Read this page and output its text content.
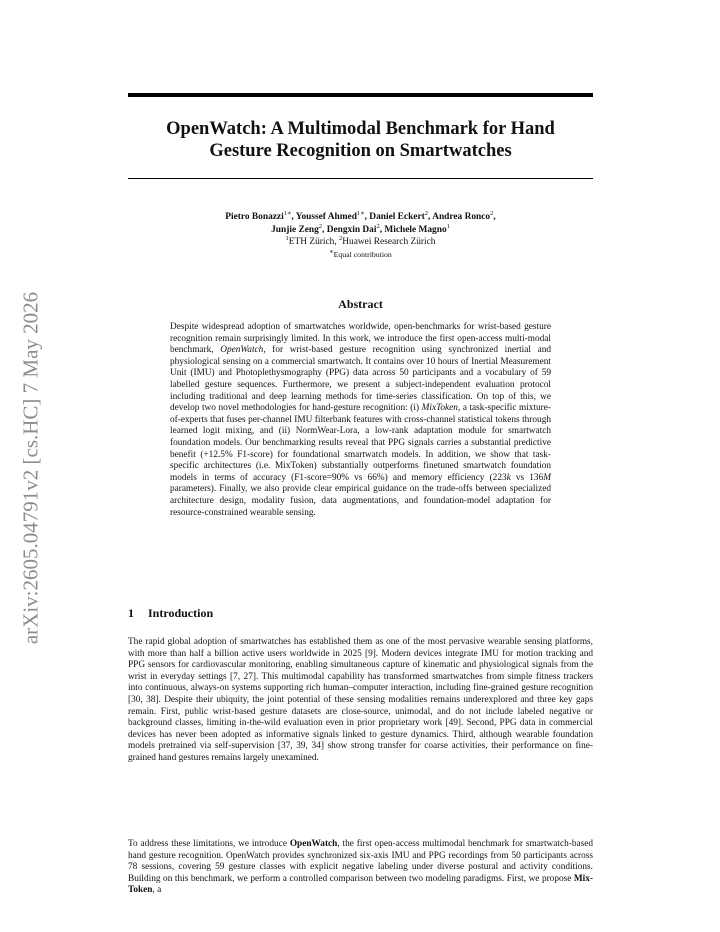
arXiv:2605.04791v2 [cs.HC] 7 May 2026
OpenWatch: A Multimodal Benchmark for Hand
Gesture Recognition on Smartwatches
Pietro Bonazzi$^{1∗}$, Youssef Ahmed$^{1∗}$, Daniel Eckert$^2$, Andrea Ronco$^2$,
Junjie Zeng$^2$, Dengxin Dai$^2$, Michele Magno$^1$
$^1$ETH Zürich, $^2$Huawei Research Zürich
∗Equal contribution
Abstract

Despite widespread adoption of smartwatches worldwide, open-benchmarks for wrist-based gesture recognition remain surprisingly limited. In this work, we introduce the first open-access multi-modal benchmark, OpenWatch, for wrist-based gesture recognition using synchronized inertial and physiological sensing on a commercial smartwatch. It contains over 10 hours of Inertial Measurement Unit (IMU) and Photoplethysmography (PPG) data across 50 participants and a vocabulary of 59 labelled gesture sequences. Furthermore, we present a subject-independent evaluation protocol including traditional and deep learning methods for time-series classification. On top of this, we develop two novel methodologies for hand-gesture recognition: (i) MixToken, a task-specific mixture-of-experts that fuses per-channel IMU filterbank features with cross-channel statistical tokens through learned logit mixing, and (ii) NormWear-Lora, a low-rank adaptation module for smartwatch foundation models. Our benchmarking results reveal that PPG signals carries a substantial predictive benefit (+12.5% F1-score) for foundational smartwatch models. In addition, we show that task-specific architectures (i.e. MixToken) substantially outperforms finetuned smartwatch foundation models in terms of accuracy (F1-score=90% vs 66%) and memory efficiency (223k vs 136M parameters). Finally, we also provide clear empirical guidance on the trade-offs between specialized architecture design, modality fusion, data augmentations, and foundation-model adaptation for resource-constrained wearable sensing.

1 Introduction

The rapid global adoption of smartwatches has established them as one of the most pervasive wearable sensing platforms, with more than half a billion active users worldwide in 2025 [9]. Modern devices integrate IMU for motion tracking and PPG sensors for cardiovascular monitoring, enabling simultaneous capture of kinematic and physiological signals from the wrist in everyday settings [7, 27]. This multimodal capability has transformed smartwatches from simple fitness trackers into continuous, always-on systems supporting rich human–computer interaction, including fine-grained gesture recognition [30, 38]. Despite their ubiquity, the joint potential of these sensing modalities remains underexplored and three key gaps remain. First, public wrist-based gesture datasets are close-source, unimodal, and do not include labeled negative or background classes, limiting in-the-wild evaluation even in prior proprietary work [49]. Second, PPG data in commercial devices has never been adopted as informative signals linked to gesture dynamics. Third, although wearable foundation models pretrained via self-supervision [37, 39, 34] show strong transfer for coarse activities, their performance on fine-grained hand gestures remains largely unexamined.

To address these limitations, we introduce OpenWatch, the first open-access multimodal benchmark for smartwatch-based hand gesture recognition. OpenWatch provides synchronized six-axis IMU and PPG recordings from 50 participants across 78 sessions, covering 59 gesture classes with explicit negative labeling under diverse postural and activity conditions. Building on this benchmark, we perform a controlled comparison between two modeling paradigms. First, we propose Mix-Token, a
